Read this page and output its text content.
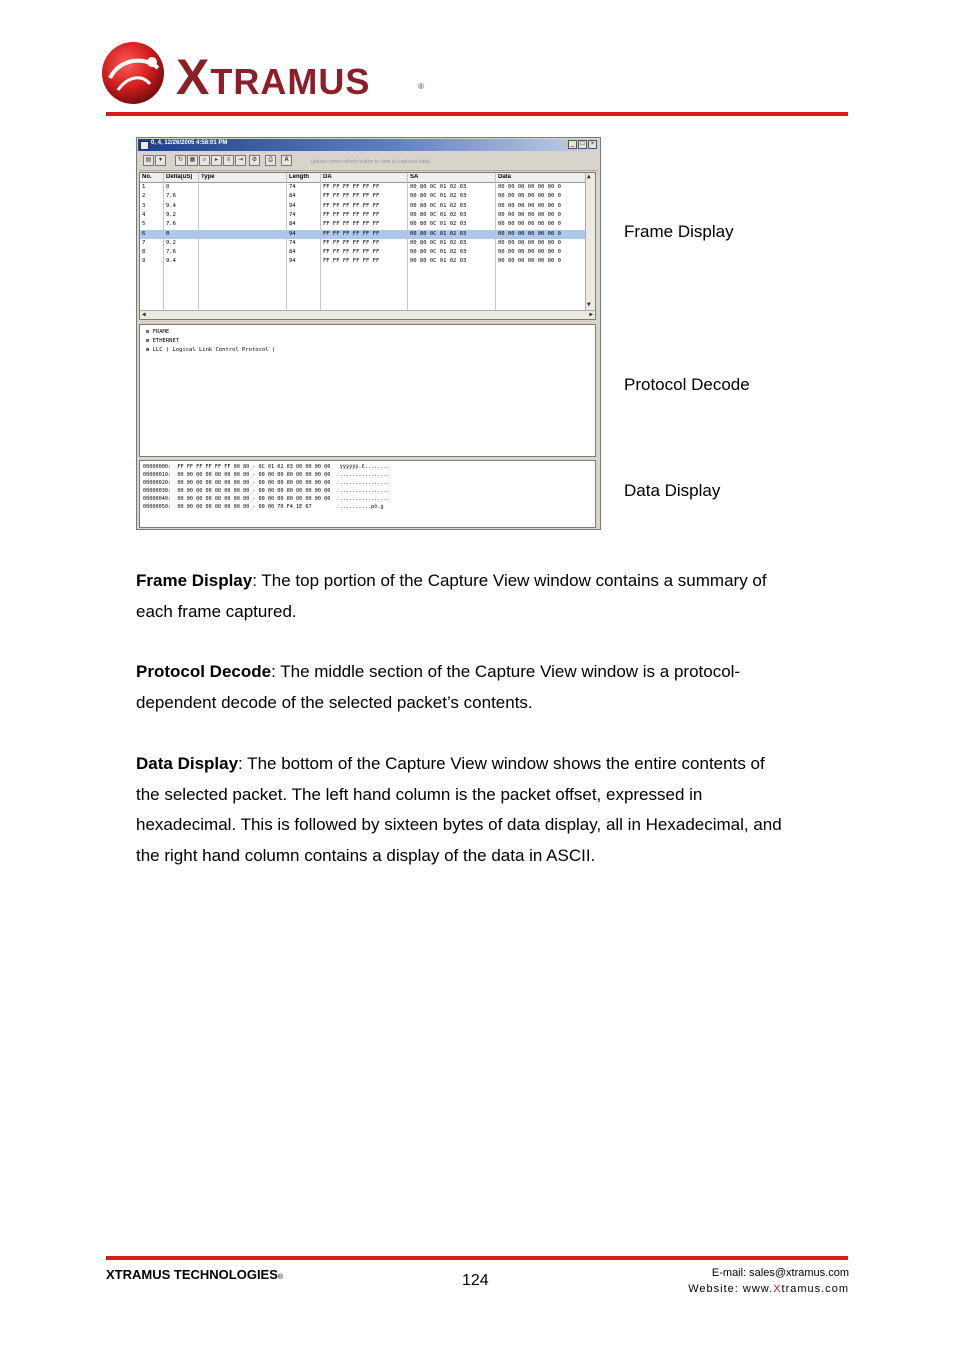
XTRAMUS	®
0, 4, 12/26/2005 4:58:01 PM	_	□	×
▤	▾	↻	▦	⌕	▸	≡	⇥	⚙	⎙	A	(please press refresh button to view all captured data)
No. Delta(uS) Type	Length DA	SA	Data
1	0	74	FF FF FF FF FF FF	00 80 0C 01 02 03	00 00 00 00 00 00 0
2	7.6	84	FF FF FF FF FF FF	00 80 0C 01 02 03	00 00 00 00 00 00 0
3	9.4	94	FF FF FF FF FF FF	00 80 0C 01 02 03	00 00 00 00 00 00 0
4	9.2	74	FF FF FF FF FF FF	00 80 0C 01 02 03	00 00 00 00 00 00 0
5	7.6	84	FF FF FF FF FF FF	00 80 0C 01 02 03	00 00 00 00 00 00 0
6	0	94	FF FF FF FF FF FF	00 80 0C 01 02 03	00 00 00 00 00 00 0
7	9.2	74	FF FF FF FF FF FF	00 80 0C 01 02 03	00 00 00 00 00 00 0
8	7.6	84	FF FF FF FF FF FF	00 80 0C 01 02 03	00 00 00 00 00 00 0
9	9.4	94	FF FF FF FF FF FF	00 80 0C 01 02 03	00 00 00 00 00 00 0
▲
▼
◀	▶
⊞ FRAME
⊞ ETHERNET
⊞ LLC ( Logical Link Control Protocol )
00000000:  FF FF FF FF FF FF 00 80 - 0C 01 02 03 00 00 00 00   ÿÿÿÿÿÿ.€........
00000010:  00 00 00 00 00 00 00 00 - 00 00 00 00 00 00 00 00   ................
00000020:  00 00 00 00 00 00 00 00 - 00 00 00 00 00 00 00 00   ................
00000030:  00 00 00 00 00 00 00 00 - 00 00 00 00 00 00 00 00   ................
00000040:  00 00 00 00 00 00 00 00 - 00 00 00 00 00 00 00 00   ................
00000050:  00 00 00 00 00 00 00 00 - 00 00 70 F4 1E 67         ..........pô.g
Frame Display
Protocol Decode
Data Display
Frame Display: The top portion of the Capture View window contains a summary of
each frame captured.
Protocol Decode: The middle section of the Capture View window is a protocol-
dependent decode of the selected packet’s contents.
Data Display: The bottom of the Capture View window shows the entire contents of
the selected packet. The left hand column is the packet offset, expressed in
hexadecimal. This is followed by sixteen bytes of data display, all in Hexadecimal, and
the right hand column contains a display of the data in ASCII.
XTRAMUS TECHNOLOGIES®	124	E-mail: sales@xtramus.com
Website: www.Xtramus.com
